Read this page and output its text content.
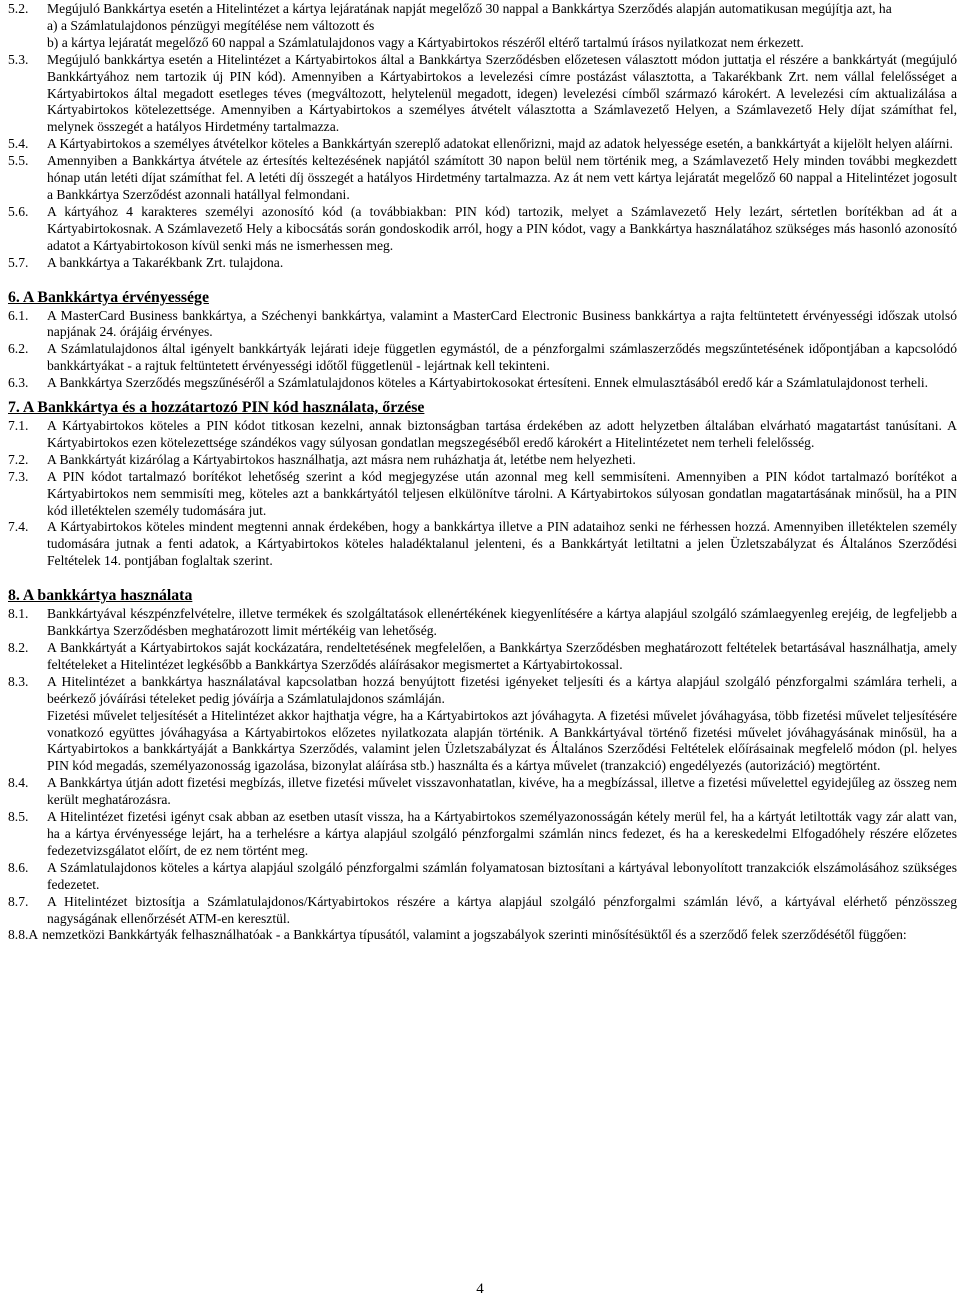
5.2.	Megújuló Bankkártya esetén a Hitelintézet a kártya lejáratának napját megelőző 30 nappal a Bankkártya Szerződés alapján automatikusan megújítja azt, ha

a) a Számlatulajdonos pénzügyi megítélése nem változott és

b) a kártya lejáratát megelőző 60 nappal a Számlatulajdonos vagy a Kártyabirtokos részéről eltérő tartalmú írásos nyilatkozat nem érkezett.

5.3.	Megújuló bankkártya esetén a Hitelintézet a Kártyabirtokos által a Bankkártya Szerződésben előzetesen választott módon juttatja el részére a bankkártyát (megújuló Bankkártyához nem tartozik új PIN kód). Amennyiben a Kártyabirtokos a levelezési címre postázást választotta, a Takarékbank Zrt. nem vállal felelősséget a Kártyabirtokos által megadott esetleges téves (megváltozott, helytelenül megadott, idegen) levelezési címből származó károkért. A levelezési cím aktualizálása a Kártyabirtokos kötelezettsége. Amennyiben a Kártyabirtokos a személyes átvételt választotta a Számlavezető Helyen, a Számlavezető Hely díjat számíthat fel, melynek összegét a hatályos Hirdetmény tartalmazza.
5.4.	A Kártyabirtokos a személyes átvételkor köteles a Bankkártyán szereplő adatokat ellenőrizni, majd az adatok helyessége esetén, a bankkártyát a kijelölt helyen aláírni.
5.5.	Amennyiben a Bankkártya átvétele az értesítés keltezésének napjától számított 30 napon belül nem történik meg, a Számlavezető Hely minden további megkezdett hónap után letéti díjat számíthat fel. A letéti díj összegét a hatályos Hirdetmény tartalmazza. Az át nem vett kártya lejáratát megelőző 60 nappal a Hitelintézet jogosult a Bankkártya Szerződést azonnali hatállyal felmondani.
5.6.	A kártyához 4 karakteres személyi azonosító kód (a továbbiakban: PIN kód) tartozik, melyet a Számlavezető Hely lezárt, sértetlen borítékban ad át a Kártyabirtokosnak. A Számlavezető Hely a kibocsátás során gondoskodik arról, hogy a PIN kódot, vagy a Bankkártya használatához szükséges más hasonló azonosító adatot a Kártyabirtokoson kívül senki más ne ismerhessen meg.
5.7.	A bankkártya a Takarékbank Zrt. tulajdona.
6. A Bankkártya érvényessége
6.1.	A MasterCard Business bankkártya, a Széchenyi bankkártya, valamint a MasterCard Electronic Business bankkártya a rajta feltüntetett érvényességi időszak utolsó napjának 24. órájáig érvényes.
6.2.	A Számlatulajdonos által igényelt bankkártyák lejárati ideje független egymástól, de a pénzforgalmi számlaszerződés megszűntetésének időpontjában a kapcsolódó bankkártyákat - a rajtuk feltüntetett érvényességi időtől függetlenül - lejártnak kell tekinteni.
6.3.	A Bankkártya Szerződés megszűnéséről a Számlatulajdonos köteles a Kártyabirtokosokat értesíteni. Ennek elmulasztásából eredő kár a Számlatulajdonost terheli.
7. A Bankkártya és a hozzátartozó PIN kód használata, őrzése
7.1.	A Kártyabirtokos köteles a PIN kódot titkosan kezelni, annak biztonságban tartása érdekében az adott helyzetben általában elvárható magatartást tanúsítani. A Kártyabirtokos ezen kötelezettsége szándékos vagy súlyosan gondatlan megszegéséből eredő károkért a Hitelintézetet nem terheli felelősség.
7.2.	A Bankkártyát kizárólag a Kártyabirtokos használhatja, azt másra nem ruházhatja át, letétbe nem helyezheti.
7.3.	A PIN kódot tartalmazó borítékot lehetőség szerint a kód megjegyzése után azonnal meg kell semmisíteni. Amennyiben a PIN kódot tartalmazó borítékot a Kártyabirtokos nem semmisíti meg, köteles azt a bankkártyától teljesen elkülönítve tárolni. A Kártyabirtokos súlyosan gondatlan magatartásának minősül, ha a PIN kód illetéktelen személy tudomására jut.
7.4.	A Kártyabirtokos köteles mindent megtenni annak érdekében, hogy a bankkártya illetve a PIN adataihoz senki ne férhessen hozzá. Amennyiben illetéktelen személy tudomására jutnak a fenti adatok, a Kártyabirtokos köteles haladéktalanul jelenteni, és a Bankkártyát letiltatni a jelen Üzletszabályzat és Általános Szerződési Feltételek 14. pontjában foglaltak szerint.
8. A bankkártya használata
8.1.	Bankkártyával készpénzfelvételre, illetve termékek és szolgáltatások ellenértékének kiegyenlítésére a kártya alapjául szolgáló számlaegyenleg erejéig, de legfeljebb a Bankkártya Szerződésben meghatározott limit mértékéig van lehetőség.
8.2.	A Bankkártyát a Kártyabirtokos saját kockázatára, rendeltetésének megfelelően, a Bankkártya Szerződésben meghatározott feltételek betartásával használhatja, amely feltételeket a Hitelintézet legkésőbb a Bankkártya Szerződés aláírásakor megismertet a Kártyabirtokossal.
8.3.	A Hitelintézet a bankkártya használatával kapcsolatban hozzá benyújtott fizetési igényeket teljesíti és a kártya alapjául szolgáló pénzforgalmi számlára terheli, a beérkező jóváírási tételeket pedig jóváírja a Számlatulajdonos számláján.

Fizetési művelet teljesítését a Hitelintézet akkor hajthatja végre, ha a Kártyabirtokos azt jóváhagyta. A fizetési művelet jóváhagyása, több fizetési művelet teljesítésére vonatkozó együttes jóváhagyása a Kártyabirtokos előzetes nyilatkozata alapján történik. A Bankkártyával történő fizetési művelet jóváhagyásának minősül, ha a Kártyabirtokos a bankkártyáját a Bankkártya Szerződés, valamint jelen Üzletszabályzat és Általános Szerződési Feltételek előírásainak megfelelő módon (pl. helyes PIN kód megadás, személyazonosság igazolása, bizonylat aláírása stb.) használta és a kártya művelet (tranzakció) engedélyezés (autorizáció) megtörtént.

8.4.	A Bankkártya útján adott fizetési megbízás, illetve fizetési művelet visszavonhatatlan, kivéve, ha a megbízással, illetve a fizetési művelettel egyidejűleg az összeg nem került meghatározásra.
8.5.	A Hitelintézet fizetési igényt csak abban az esetben utasít vissza, ha a Kártyabirtokos személyazonosságán kétely merül fel, ha a kártyát letiltották vagy zár alatt van, ha a kártya érvényessége lejárt, ha a terhelésre a kártya alapjául szolgáló pénzforgalmi számlán nincs fedezet, és ha a kereskedelmi Elfogadóhely részére előzetes fedezetvizsgálatot előírt, de ez nem történt meg.
8.6.	A Számlatulajdonos köteles a kártya alapjául szolgáló pénzforgalmi számlán folyamatosan biztosítani a kártyával lebonyolított tranzakciók elszámolásához szükséges fedezetet.
8.7.	A Hitelintézet biztosítja a Számlatulajdonos/Kártyabirtokos részére a kártya alapjául szolgáló pénzforgalmi számlán lévő, a kártyával elérhető pénzösszeg nagyságának ellenőrzését ATM-en keresztül.
8.8.A nemzetközi Bankkártyák felhasználhatóak - a Bankkártya típusától, valamint a jogszabályok szerinti minősítésüktől és a szerződő felek szerződésétől függően:
4
